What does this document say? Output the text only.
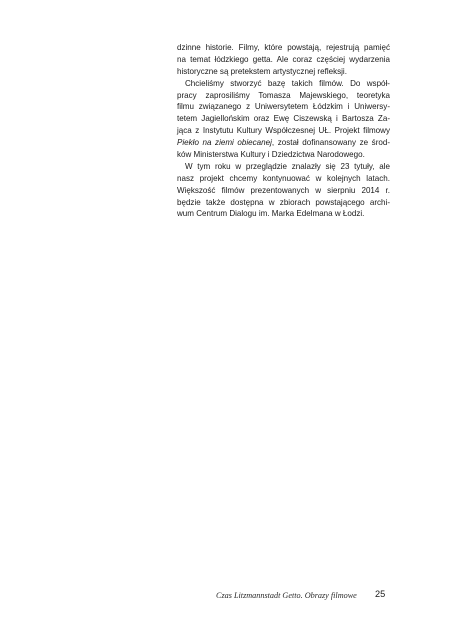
dzinne historie. Filmy, które powstają, rejestrują pamięć
na temat łódzkiego getta. Ale coraz częściej wydarzenia
historyczne są pretekstem artystycznej refleksji.
Chcieliśmy stworzyć bazę takich filmów. Do współ-
pracy zaprosiliśmy Tomasza Majewskiego, teoretyka
filmu związanego z Uniwersytetem Łódzkim i Uniwersy-
tetem Jagiellońskim oraz Ewę Ciszewską i Bartosza Za-
jąca z Instytutu Kultury Współczesnej UŁ. Projekt filmowy
Piekło na ziemi obiecanej, został dofinansowany ze środ-
ków Ministerstwa Kultury i Dziedzictwa Narodowego.
W tym roku w przeglądzie znalazły się 23 tytuły, ale
nasz projekt chcemy kontynuować w kolejnych latach.
Większość filmów prezentowanych w sierpniu 2014 r.
będzie także dostępna w zbiorach powstającego archi-
wum Centrum Dialogu im. Marka Edelmana w Łodzi.
Czas Litzmannstadt Getto. Obrazy filmowe 25
